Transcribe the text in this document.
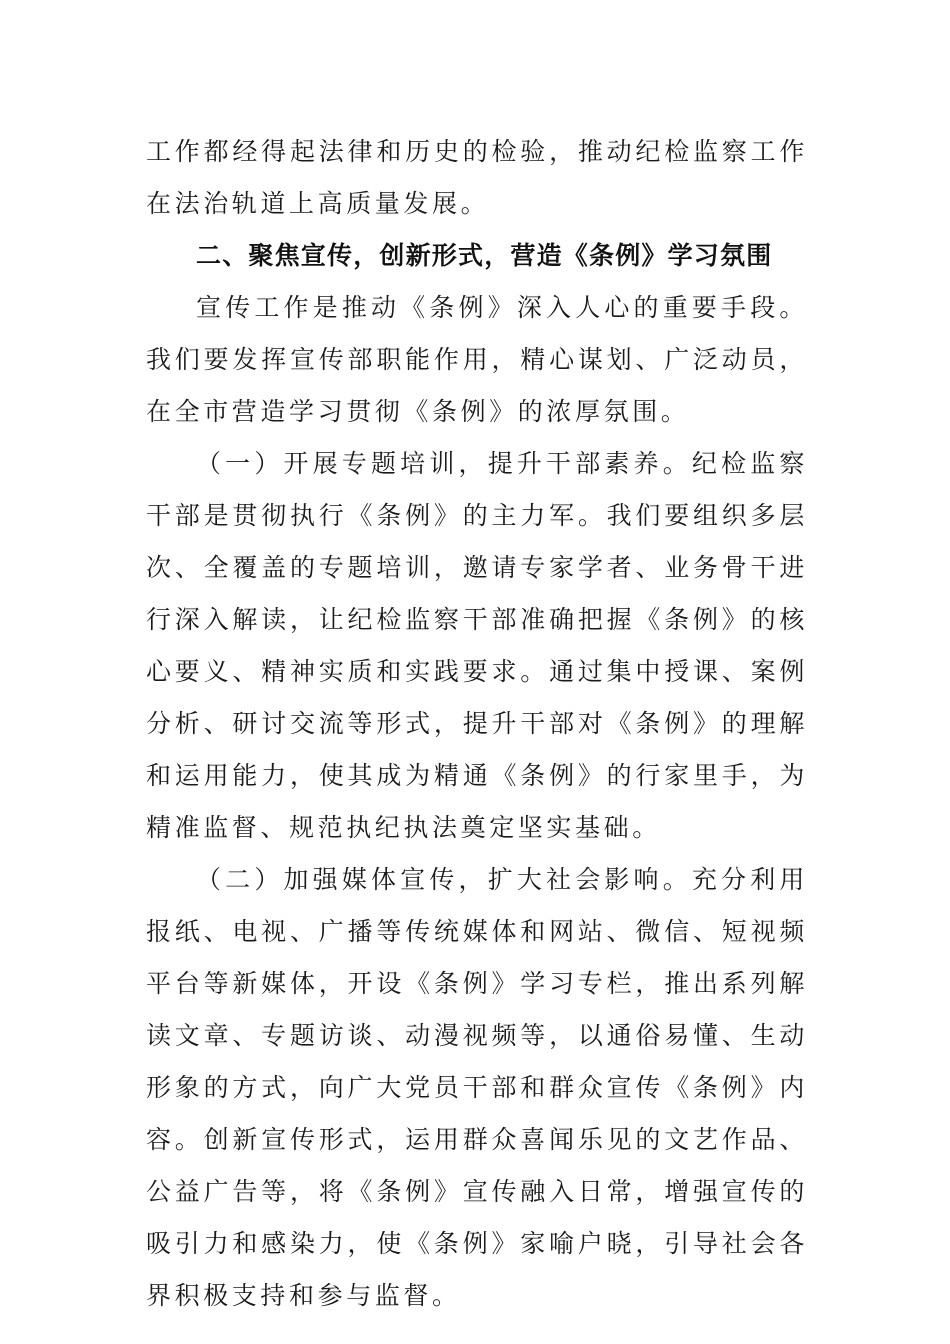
工作都经得起法律和历史的检验，推动纪检监察工作在法治轨道上高质量发展。

二、聚焦宣传，创新形式，营造《条例》学习氛围

宣传工作是推动《条例》深入人心的重要手段。我们要发挥宣传部职能作用，精心谋划、广泛动员，在全市营造学习贯彻《条例》的浓厚氛围。

（一）开展专题培训，提升干部素养。纪检监察干部是贯彻执行《条例》的主力军。我们要组织多层次、全覆盖的专题培训，邀请专家学者、业务骨干进行深入解读，让纪检监察干部准确把握《条例》的核心要义、精神实质和实践要求。通过集中授课、案例分析、研讨交流等形式，提升干部对《条例》的理解和运用能力，使其成为精通《条例》的行家里手，为精准监督、规范执纪执法奠定坚实基础。

（二）加强媒体宣传，扩大社会影响。充分利用报纸、电视、广播等传统媒体和网站、微信、短视频平台等新媒体，开设《条例》学习专栏，推出系列解读文章、专题访谈、动漫视频等，以通俗易懂、生动形象的方式，向广大党员干部和群众宣传《条例》内容。创新宣传形式，运用群众喜闻乐见的文艺作品、公益广告等，将《条例》宣传融入日常，增强宣传的吸引力和感染力，使《条例》家喻户晓，引导社会各界积极支持和参与监督。
